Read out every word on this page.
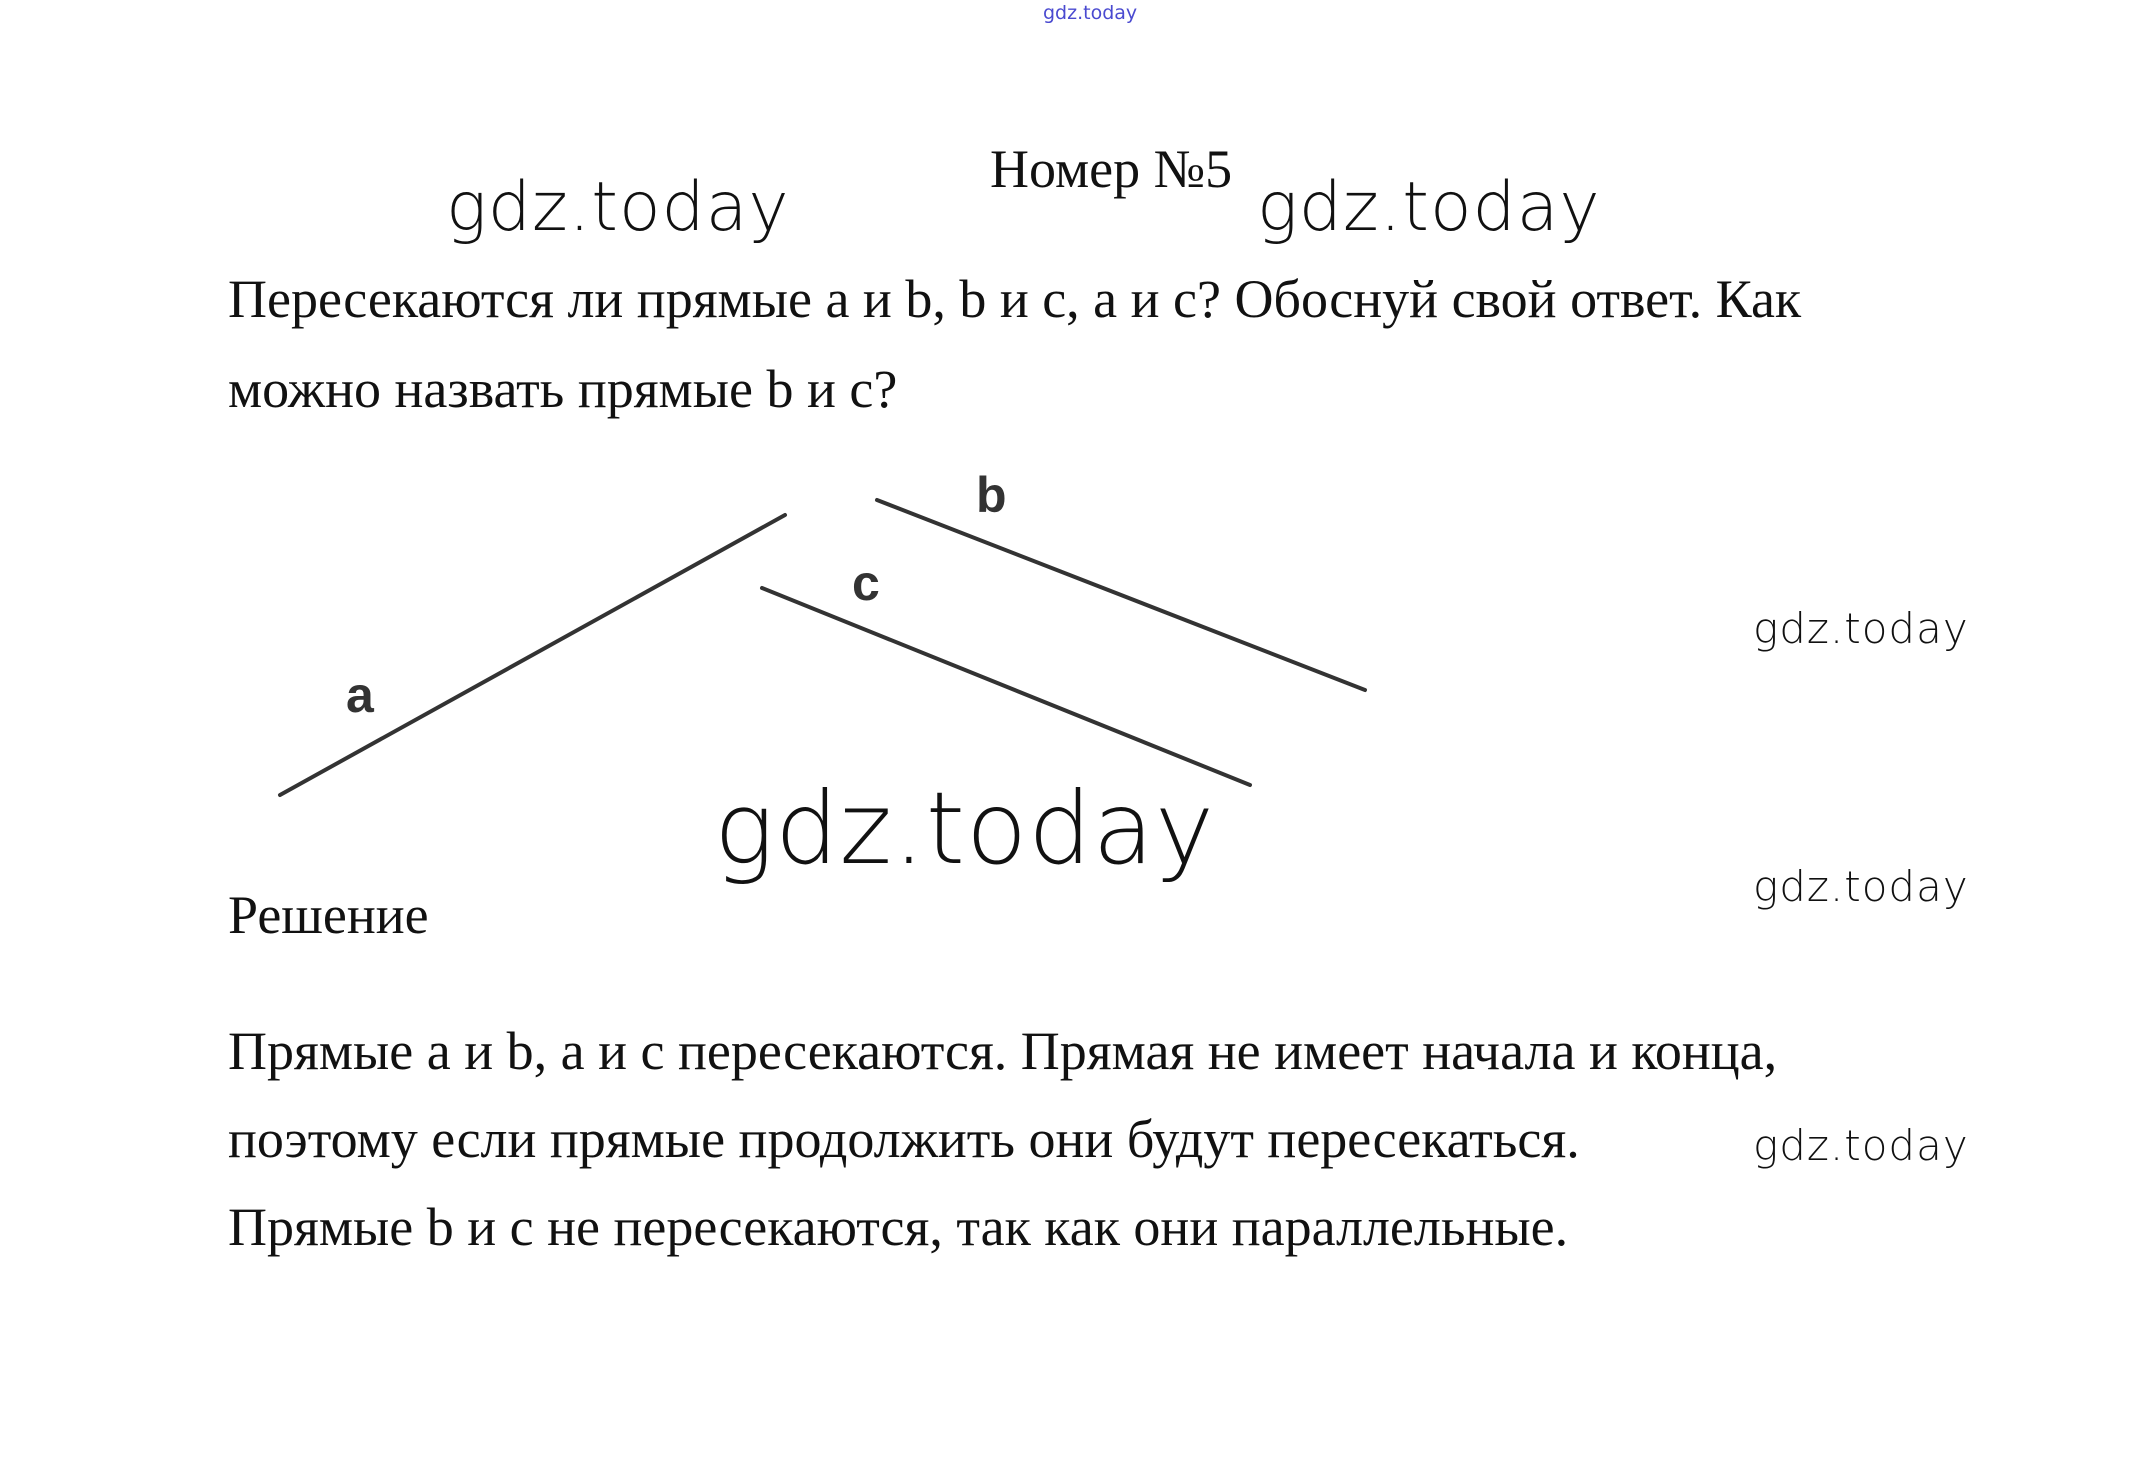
gdz.today
Номер №5
gdz.today	gdz.today
Пересекаются ли прямые a и b, b и c, a и c? Обоснуй свой ответ. Как
можно назвать прямые b и c?
a
b
c
gdz.today
gdz.today
Решение	gdz.today
Прямые a и b, a и c пересекаются. Прямая не имеет начала и конца,
поэтому если прямые продолжить они будут пересекаться.	gdz.today
Прямые b и c не пересекаются, так как они параллельные.
